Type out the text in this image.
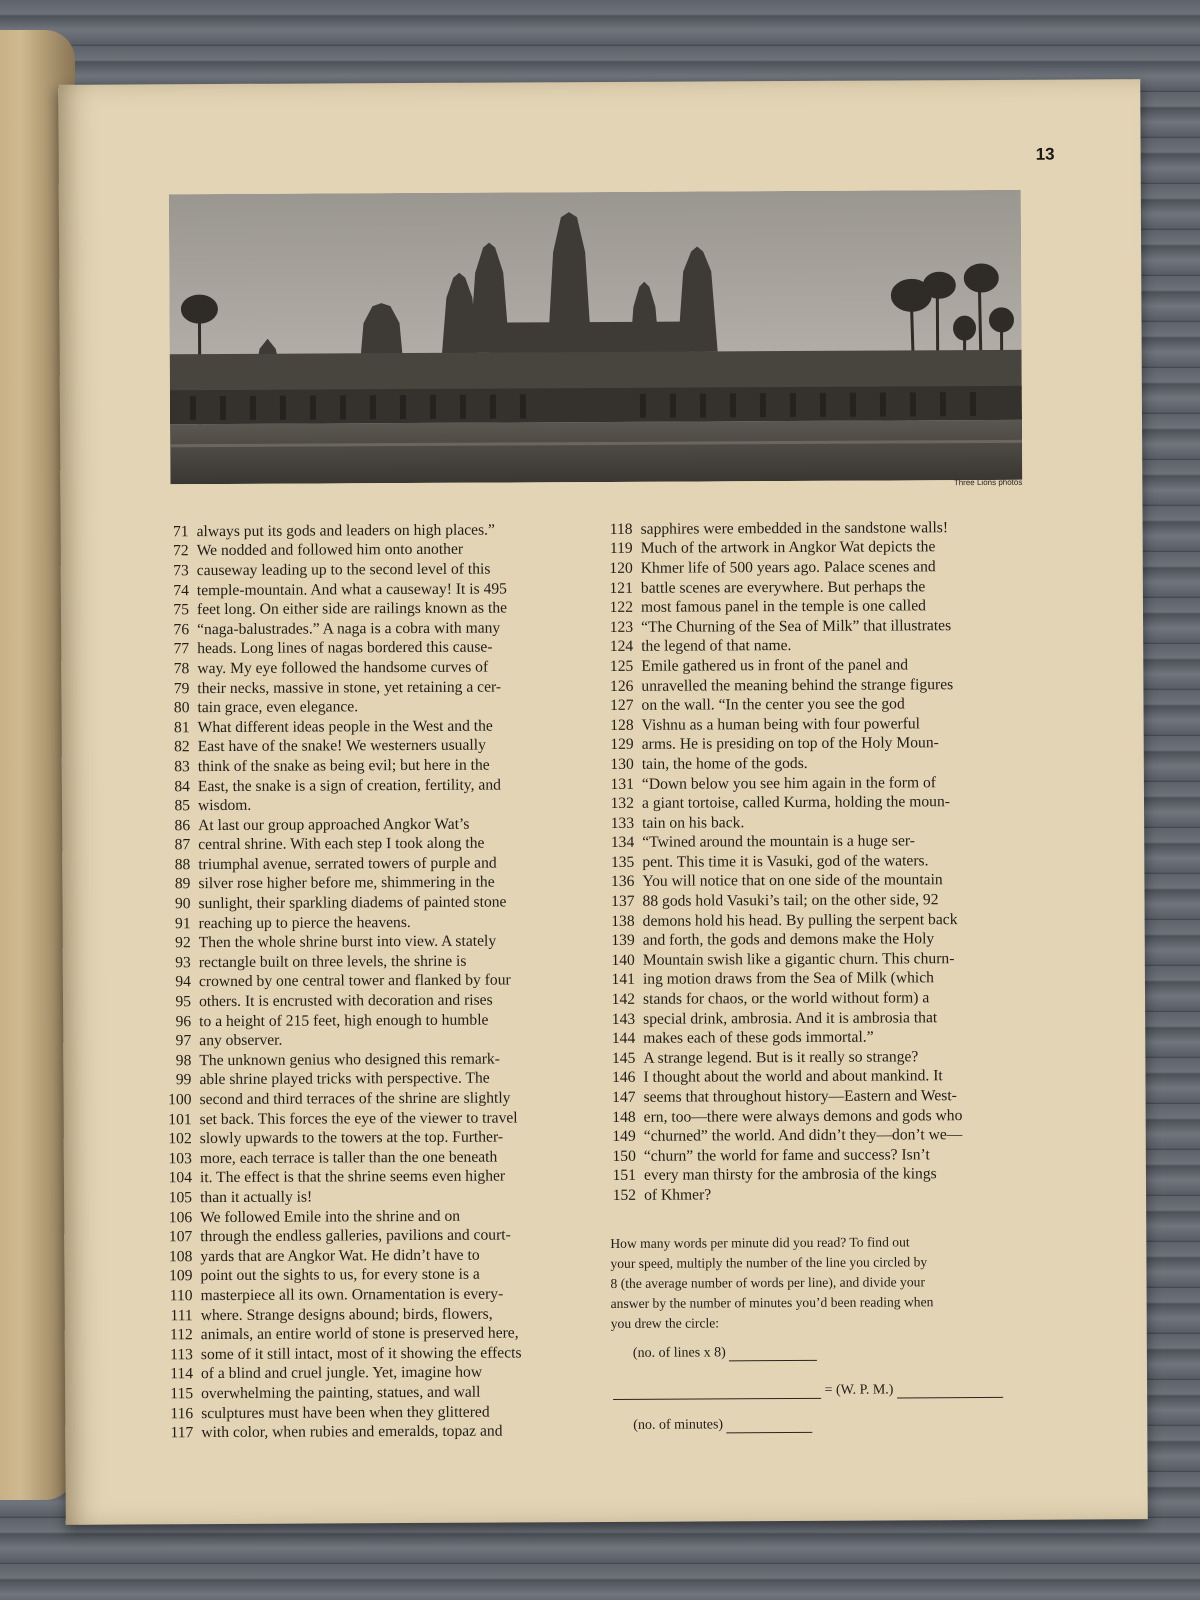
13
Three Lions photos
71 always put its gods and leaders on high places.”
72 We nodded and followed him onto another
73 causeway leading up to the second level of this
74 temple-mountain. And what a causeway! It is 495
75 feet long. On either side are railings known as the
76 “naga-balustrades.” A naga is a cobra with many
77 heads. Long lines of nagas bordered this cause-
78 way. My eye followed the handsome curves of
79 their necks, massive in stone, yet retaining a cer-
80 tain grace, even elegance.
81 What different ideas people in the West and the
82 East have of the snake! We westerners usually
83 think of the snake as being evil; but here in the
84 East, the snake is a sign of creation, fertility, and
85 wisdom.
86 At last our group approached Angkor Wat’s
87 central shrine. With each step I took along the
88 triumphal avenue, serrated towers of purple and
89 silver rose higher before me, shimmering in the
90 sunlight, their sparkling diadems of painted stone
91 reaching up to pierce the heavens.
92 Then the whole shrine burst into view. A stately
93 rectangle built on three levels, the shrine is
94 crowned by one central tower and flanked by four
95 others. It is encrusted with decoration and rises
96 to a height of 215 feet, high enough to humble
97 any observer.
98 The unknown genius who designed this remark-
99 able shrine played tricks with perspective. The
100 second and third terraces of the shrine are slightly
101 set back. This forces the eye of the viewer to travel
102 slowly upwards to the towers at the top. Further-
103 more, each terrace is taller than the one beneath
104 it. The effect is that the shrine seems even higher
105 than it actually is!
106 We followed Emile into the shrine and on
107 through the endless galleries, pavilions and court-
108 yards that are Angkor Wat. He didn’t have to
109 point out the sights to us, for every stone is a
110 masterpiece all its own. Ornamentation is every-
111 where. Strange designs abound; birds, flowers,
112 animals, an entire world of stone is preserved here,
113 some of it still intact, most of it showing the effects
114 of a blind and cruel jungle. Yet, imagine how
115 overwhelming the painting, statues, and wall
116 sculptures must have been when they glittered
117 with color, when rubies and emeralds, topaz and
118 sapphires were embedded in the sandstone walls!
119 Much of the artwork in Angkor Wat depicts the
120 Khmer life of 500 years ago. Palace scenes and
121 battle scenes are everywhere. But perhaps the
122 most famous panel in the temple is one called
123 “The Churning of the Sea of Milk” that illustrates
124 the legend of that name.
125 Emile gathered us in front of the panel and
126 unravelled the meaning behind the strange figures
127 on the wall. “In the center you see the god
128 Vishnu as a human being with four powerful
129 arms. He is presiding on top of the Holy Moun-
130 tain, the home of the gods.
131 “Down below you see him again in the form of
132 a giant tortoise, called Kurma, holding the moun-
133 tain on his back.
134 “Twined around the mountain is a huge ser-
135 pent. This time it is Vasuki, god of the waters.
136 You will notice that on one side of the mountain
137 88 gods hold Vasuki’s tail; on the other side, 92
138 demons hold his head. By pulling the serpent back
139 and forth, the gods and demons make the Holy
140 Mountain swish like a gigantic churn. This churn-
141 ing motion draws from the Sea of Milk (which
142 stands for chaos, or the world without form) a
143 special drink, ambrosia. And it is ambrosia that
144 makes each of these gods immortal.”
145 A strange legend. But is it really so strange?
146 I thought about the world and about mankind. It
147 seems that throughout history—Eastern and West-
148 ern, too—there were always demons and gods who
149 “churned” the world. And didn’t they—don’t we—
150 “churn” the world for fame and success? Isn’t
151 every man thirsty for the ambrosia of the kings
152 of Khmer?

How many words per minute did you read? To find out

your speed, multiply the number of the line you circled by

8 (the average number of words per line), and divide your

answer by the number of minutes you’d been reading when

you drew the circle:

(no. of lines x 8)
= (W. P. M.)
(no. of minutes)
